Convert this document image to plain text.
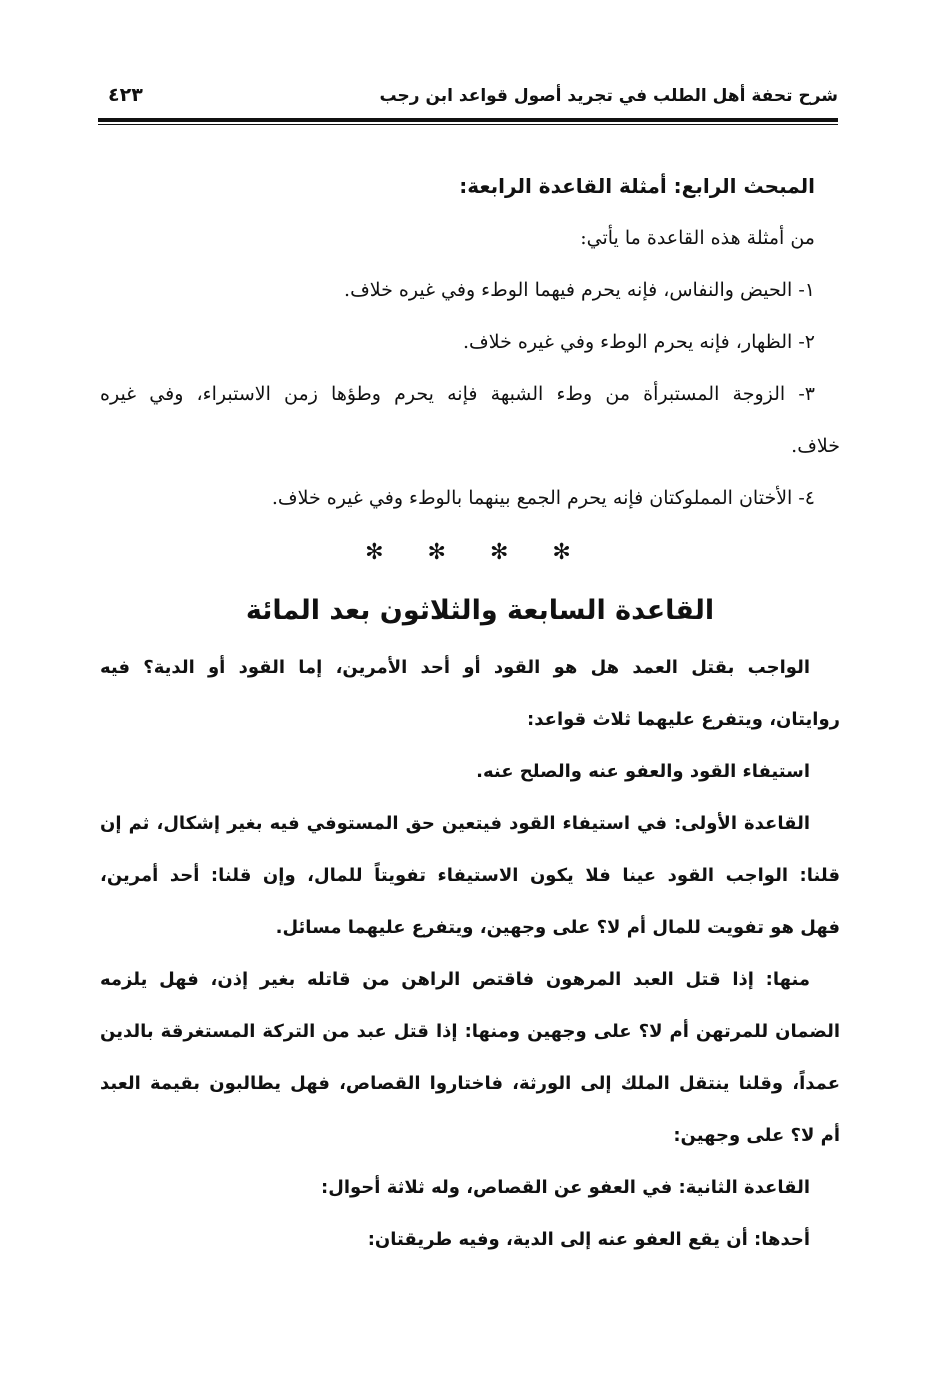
شرح تحفة أهل الطلب في تجريد أصول قواعد ابن رجب
٤٢٣
المبحث الرابع: أمثلة القاعدة الرابعة:
من أمثلة هذه القاعدة ما يأتي:
١- الحيض والنفاس، فإنه يحرم فيهما الوطء وفي غيره خلاف.
٢- الظهار، فإنه يحرم الوطء وفي غيره خلاف.
٣- الزوجة المستبرأة من وطء الشبهة فإنه يحرم وطؤها زمن الاستبراء، وفي غيره
خلاف.
٤- الأختان المملوكتان فإنه يحرم الجمع بينهما بالوطء وفي غيره خلاف.
✻✻✻✻
القاعدة السابعة والثلاثون بعد المائة
الواجب بقتل العمد هل هو القود أو أحد الأمرين، إما القود أو الدية؟ فيه
روايتان، ويتفرع عليهما ثلاث قواعد:
استيفاء القود والعفو عنه والصلح عنه.
القاعدة الأولى: في استيفاء القود فيتعين حق المستوفي فيه بغير إشكال، ثم إن
قلنا: الواجب القود عينا فلا يكون الاستيفاء تفويتاً للمال، وإن قلنا: أحد أمرين،
فهل هو تفويت للمال أم لا؟ على وجهين، ويتفرع عليهما مسائل.
منها: إذا قتل العبد المرهون فاقتص الراهن من قاتله بغير إذن، فهل يلزمه
الضمان للمرتهن أم لا؟ على وجهين ومنها: إذا قتل عبد من التركة المستغرقة بالدين
عمداً، وقلنا ينتقل الملك إلى الورثة، فاختاروا القصاص، فهل يطالبون بقيمة العبد
أم لا؟ على وجهين:
القاعدة الثانية: في العفو عن القصاص، وله ثلاثة أحوال:
أحدها: أن يقع العفو عنه إلى الدية، وفيه طريقتان:
